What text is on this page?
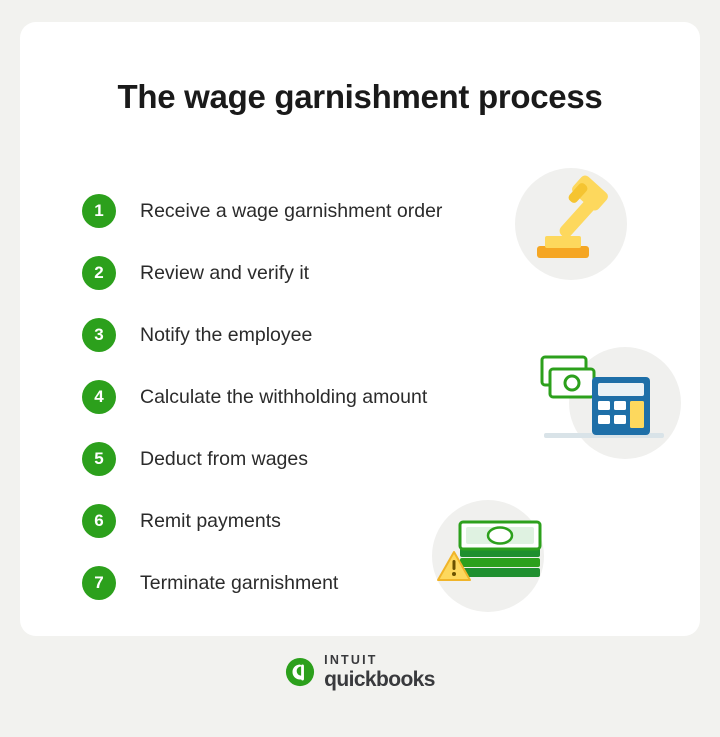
The wage garnishment process
1	Receive a wage garnishment order
2	Review and verify it
3	Notify the employee
4	Calculate the withholding amount
5	Deduct from wages
6	Remit payments
7	Terminate garnishment
INTUIT
quickbooks
